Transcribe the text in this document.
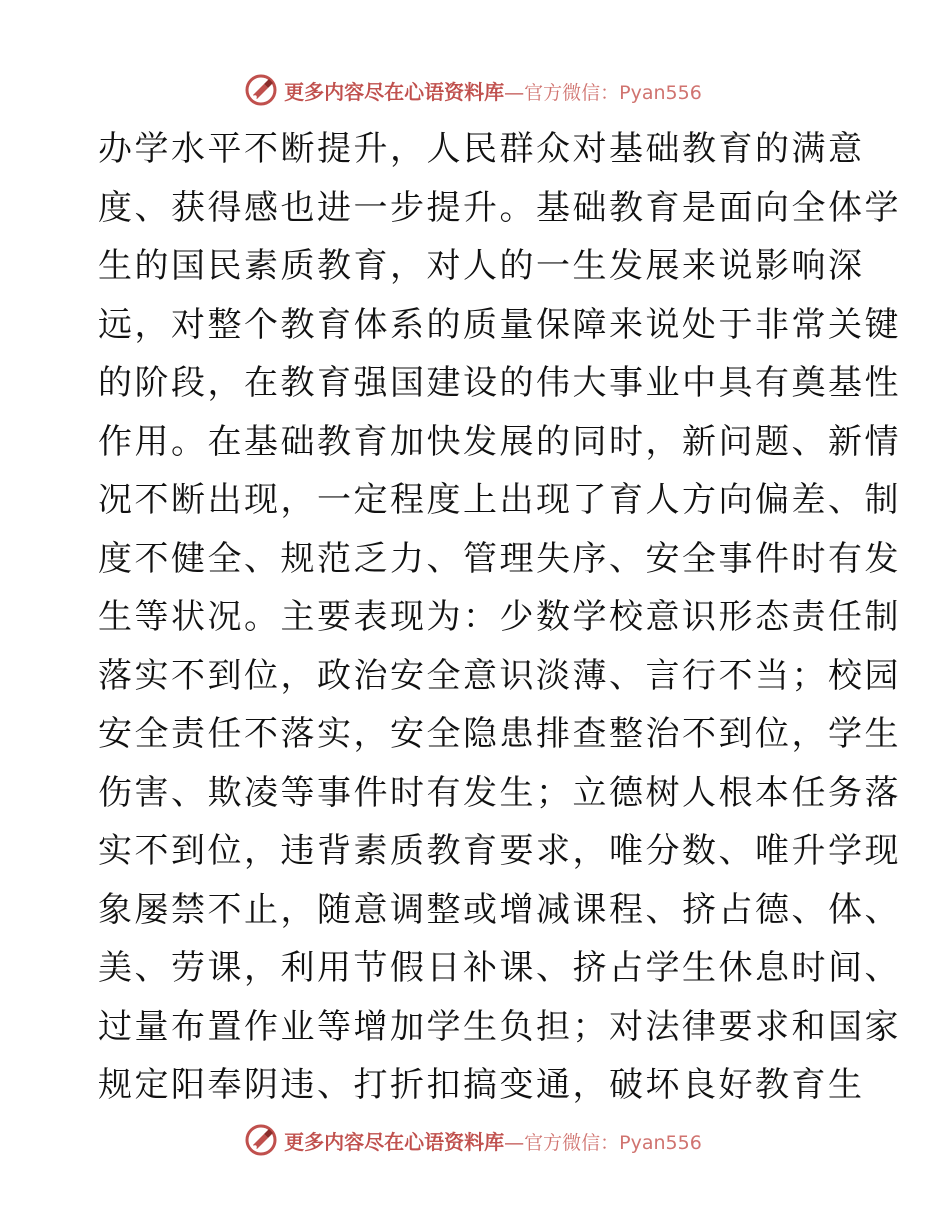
更多内容尽在心语资料库—官方微信：Pyan556
办学水平不断提升，人民群众对基础教育的满意
度、获得感也进一步提升。基础教育是面向全体学
生的国民素质教育，对人的一生发展来说影响深
远，对整个教育体系的质量保障来说处于非常关键
的阶段，在教育强国建设的伟大事业中具有奠基性
作用。在基础教育加快发展的同时，新问题、新情
况不断出现，一定程度上出现了育人方向偏差、制
度不健全、规范乏力、管理失序、安全事件时有发
生等状况。主要表现为：少数学校意识形态责任制
落实不到位，政治安全意识淡薄、言行不当；校园
安全责任不落实，安全隐患排查整治不到位，学生
伤害、欺凌等事件时有发生；立德树人根本任务落
实不到位，违背素质教育要求，唯分数、唯升学现
象屡禁不止，随意调整或增减课程、挤占德、体、
美、劳课，利用节假日补课、挤占学生休息时间、
过量布置作业等增加学生负担；对法律要求和国家
规定阳奉阴违、打折扣搞变通，破坏良好教育生
更多内容尽在心语资料库—官方微信：Pyan556
